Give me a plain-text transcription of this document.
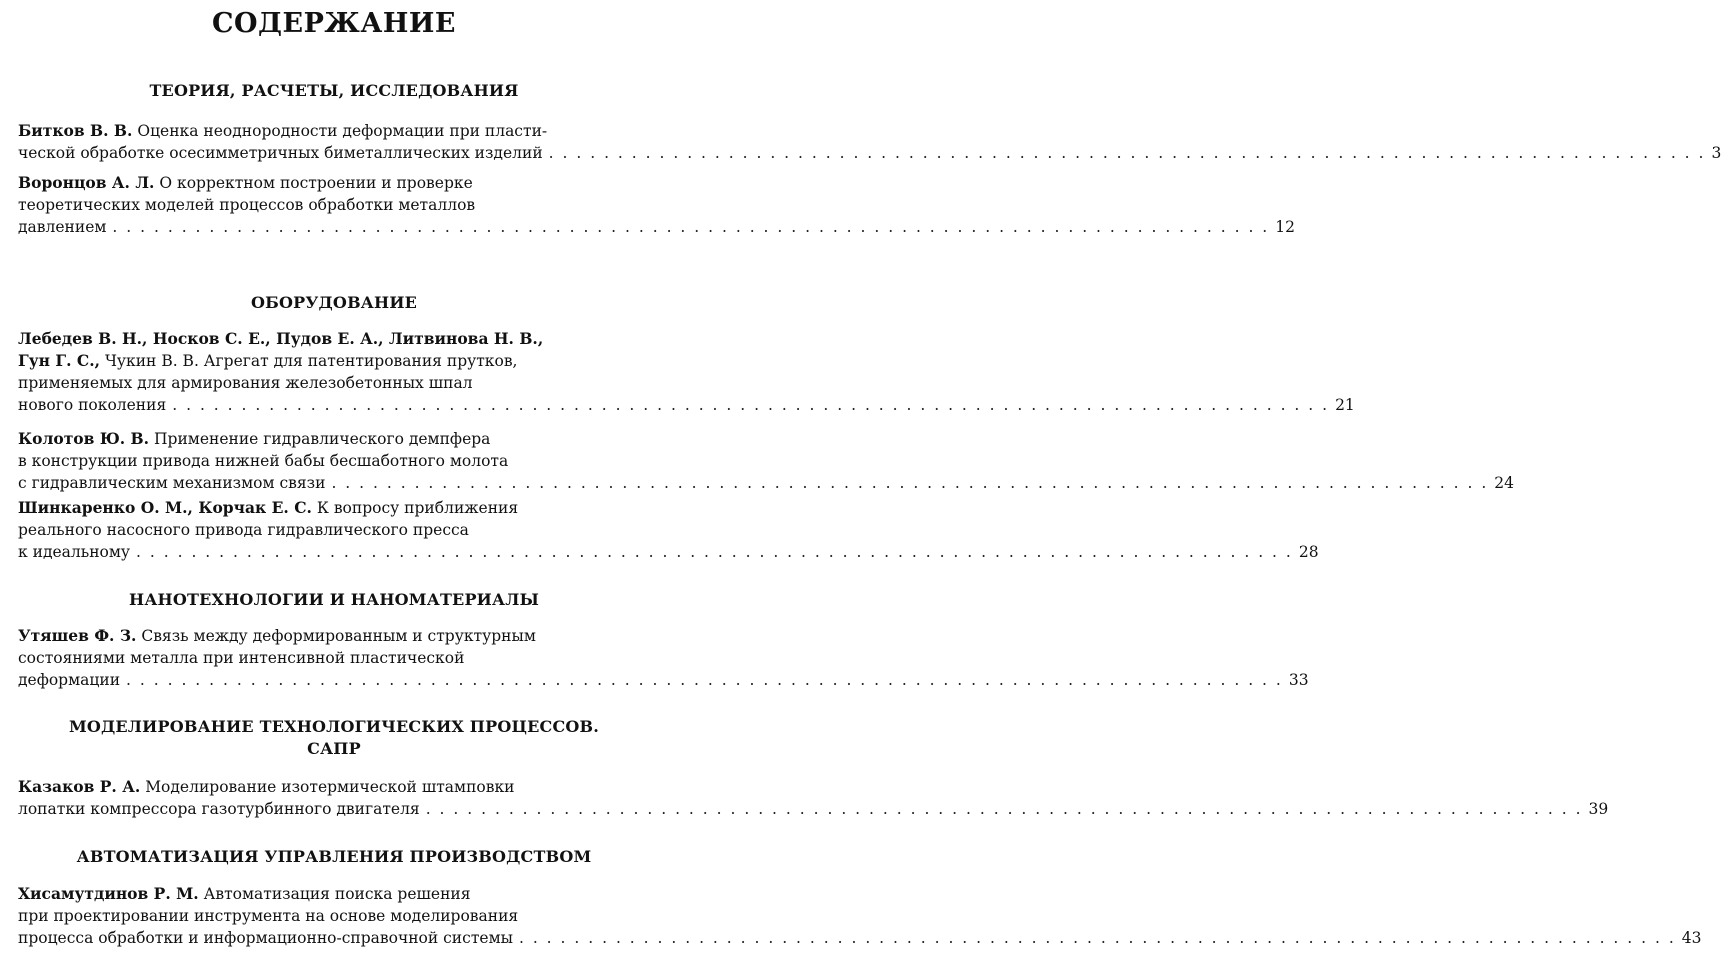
СОДЕРЖАНИЕ
ТЕОРИЯ, РАСЧЕТЫ, ИССЛЕДОВАНИЯ
Битков В. В. Оценка неоднородности деформации при пласти-
ческой обработке осесимметричных биметаллических изделий . . . . . . . . . . . . . . . . . . . . . . . . . . . . . . . . . . . . . . . . . . . . . . . . . . . . . . . . . . . . . . . . . . . . . . . . . . . . . . . . . . . . 3
Воронцов А. Л. О корректном построении и проверке
теоретических моделей процессов обработки металлов
давлением . . . . . . . . . . . . . . . . . . . . . . . . . . . . . . . . . . . . . . . . . . . . . . . . . . . . . . . . . . . . . . . . . . . . . . . . . . . . . . . . . . . . 12
ОБОРУДОВАНИЕ
Лебедев В. Н., Носков С. Е., Пудов Е. А., Литвинова Н. В.,
Гун Г. С., Чукин В. В. Агрегат для патентирования прутков,
применяемых для армирования железобетонных шпал
нового поколения . . . . . . . . . . . . . . . . . . . . . . . . . . . . . . . . . . . . . . . . . . . . . . . . . . . . . . . . . . . . . . . . . . . . . . . . . . . . . . . . . . . . 21
Колотов Ю. В. Применение гидравлического демпфера
в конструкции привода нижней бабы бесшаботного молота
с гидравлическим механизмом связи . . . . . . . . . . . . . . . . . . . . . . . . . . . . . . . . . . . . . . . . . . . . . . . . . . . . . . . . . . . . . . . . . . . . . . . . . . . . . . . . . . . . 24
Шинкаренко О. М., Корчак Е. С. К вопросу приближения
реального насосного привода гидравлического пресса
к идеальному . . . . . . . . . . . . . . . . . . . . . . . . . . . . . . . . . . . . . . . . . . . . . . . . . . . . . . . . . . . . . . . . . . . . . . . . . . . . . . . . . . . . 28
НАНОТЕХНОЛОГИИ И НАНОМАТЕРИАЛЫ
Утяшев Ф. З. Связь между деформированным и структурным
состояниями металла при интенсивной пластической
деформации . . . . . . . . . . . . . . . . . . . . . . . . . . . . . . . . . . . . . . . . . . . . . . . . . . . . . . . . . . . . . . . . . . . . . . . . . . . . . . . . . . . . 33
МОДЕЛИРОВАНИЕ ТЕХНОЛОГИЧЕСКИХ ПРОЦЕССОВ.
САПР
Казаков Р. А. Моделирование изотермической штамповки
лопатки компрессора газотурбинного двигателя . . . . . . . . . . . . . . . . . . . . . . . . . . . . . . . . . . . . . . . . . . . . . . . . . . . . . . . . . . . . . . . . . . . . . . . . . . . . . . . . . . . . 39
АВТОМАТИЗАЦИЯ УПРАВЛЕНИЯ ПРОИЗВОДСТВОМ
Хисамутдинов Р. М. Автоматизация поиска решения
при проектировании инструмента на основе моделирования
процесса обработки и информационно-справочной системы . . . . . . . . . . . . . . . . . . . . . . . . . . . . . . . . . . . . . . . . . . . . . . . . . . . . . . . . . . . . . . . . . . . . . . . . . . . . . . . . . . . . 43
